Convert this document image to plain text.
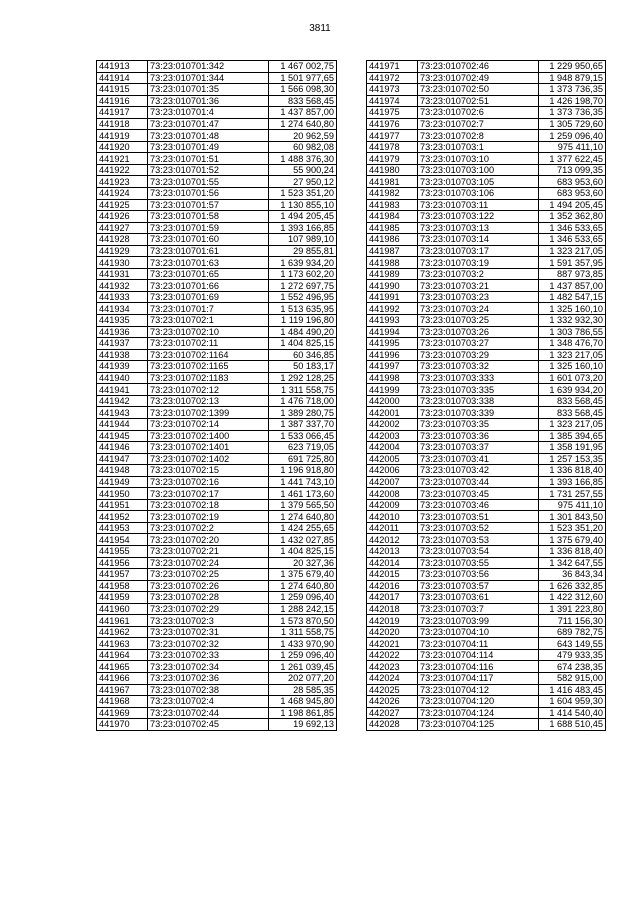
3811
441913	73:23:010701:342	1 467 002,75
441914	73:23:010701:344	1 501 977,65
441915	73:23:010701:35	1 566 098,30
441916	73:23:010701:36	833 568,45
441917	73:23:010701:4	1 437 857,00
441918	73:23:010701:47	1 274 640,80
441919	73:23:010701:48	20 962,59
441920	73:23:010701:49	60 982,08
441921	73:23:010701:51	1 488 376,30
441922	73:23:010701:52	55 900,24
441923	73:23:010701:55	27 950,12
441924	73:23:010701:56	1 523 351,20
441925	73:23:010701:57	1 130 855,10
441926	73:23:010701:58	1 494 205,45
441927	73:23:010701:59	1 393 166,85
441928	73:23:010701:60	107 989,10
441929	73:23:010701:61	29 855,81
441930	73:23:010701:63	1 639 934,20
441931	73:23:010701:65	1 173 602,20
441932	73:23:010701:66	1 272 697,75
441933	73:23:010701:69	1 552 496,95
441934	73:23:010701:7	1 513 635,95
441935	73:23:010702:1	1 119 196,80
441936	73:23:010702:10	1 484 490,20
441937	73:23:010702:11	1 404 825,15
441938	73:23:010702:1164	60 346,85
441939	73:23:010702:1165	50 183,17
441940	73:23:010702:1183	1 292 128,25
441941	73:23:010702:12	1 311 558,75
441942	73:23:010702:13	1 476 718,00
441943	73:23:010702:1399	1 389 280,75
441944	73:23:010702:14	1 387 337,70
441945	73:23:010702:1400	1 533 066,45
441946	73:23:010702:1401	623 719,05
441947	73:23:010702:1402	691 725,80
441948	73:23:010702:15	1 196 918,80
441949	73:23:010702:16	1 441 743,10
441950	73:23:010702:17	1 461 173,60
441951	73:23:010702:18	1 379 565,50
441952	73:23:010702:19	1 274 640,80
441953	73:23:010702:2	1 424 255,65
441954	73:23:010702:20	1 432 027,85
441955	73:23:010702:21	1 404 825,15
441956	73:23:010702:24	20 327,36
441957	73:23:010702:25	1 375 679,40
441958	73:23:010702:26	1 274 640,80
441959	73:23:010702:28	1 259 096,40
441960	73:23:010702:29	1 288 242,15
441961	73:23:010702:3	1 573 870,50
441962	73:23:010702:31	1 311 558,75
441963	73:23:010702:32	1 433 970,90
441964	73:23:010702:33	1 259 096,40
441965	73:23:010702:34	1 261 039,45
441966	73:23:010702:36	202 077,20
441967	73:23:010702:38	28 585,35
441968	73:23:010702:4	1 468 945,80
441969	73:23:010702:44	1 198 861,85
441970	73:23:010702:45	19 692,13
441971	73:23:010702:46	1 229 950,65
441972	73:23:010702:49	1 948 879,15
441973	73:23:010702:50	1 373 736,35
441974	73:23:010702:51	1 426 198,70
441975	73:23:010702:6	1 373 736,35
441976	73:23:010702:7	1 305 729,60
441977	73:23:010702:8	1 259 096,40
441978	73:23:010703:1	975 411,10
441979	73:23:010703:10	1 377 622,45
441980	73:23:010703:100	713 099,35
441981	73:23:010703:105	683 953,60
441982	73:23:010703:106	683 953,60
441983	73:23:010703:11	1 494 205,45
441984	73:23:010703:122	1 352 362,80
441985	73:23:010703:13	1 346 533,65
441986	73:23:010703:14	1 346 533,65
441987	73:23:010703:17	1 323 217,05
441988	73:23:010703:19	1 591 357,95
441989	73:23:010703:2	887 973,85
441990	73:23:010703:21	1 437 857,00
441991	73:23:010703:23	1 482 547,15
441992	73:23:010703:24	1 325 160,10
441993	73:23:010703:25	1 332 932,30
441994	73:23:010703:26	1 303 786,55
441995	73:23:010703:27	1 348 476,70
441996	73:23:010703:29	1 323 217,05
441997	73:23:010703:32	1 325 160,10
441998	73:23:010703:333	1 601 073,20
441999	73:23:010703:335	1 639 934,20
442000	73:23:010703:338	833 568,45
442001	73:23:010703:339	833 568,45
442002	73:23:010703:35	1 323 217,05
442003	73:23:010703:36	1 385 394,65
442004	73:23:010703:37	1 358 191,95
442005	73:23:010703:41	1 257 153,35
442006	73:23:010703:42	1 336 818,40
442007	73:23:010703:44	1 393 166,85
442008	73:23:010703:45	1 731 257,55
442009	73:23:010703:46	975 411,10
442010	73:23:010703:51	1 301 843,50
442011	73:23:010703:52	1 523 351,20
442012	73:23:010703:53	1 375 679,40
442013	73:23:010703:54	1 336 818,40
442014	73:23:010703:55	1 342 647,55
442015	73:23:010703:56	36 843,34
442016	73:23:010703:57	1 626 332,85
442017	73:23:010703:61	1 422 312,60
442018	73:23:010703:7	1 391 223,80
442019	73:23:010703:99	711 156,30
442020	73:23:010704:10	689 782,75
442021	73:23:010704:11	643 149,55
442022	73:23:010704:114	479 933,35
442023	73:23:010704:116	674 238,35
442024	73:23:010704:117	582 915,00
442025	73:23:010704:12	1 416 483,45
442026	73:23:010704:120	1 604 959,30
442027	73:23:010704:124	1 414 540,40
442028	73:23:010704:125	1 688 510,45
